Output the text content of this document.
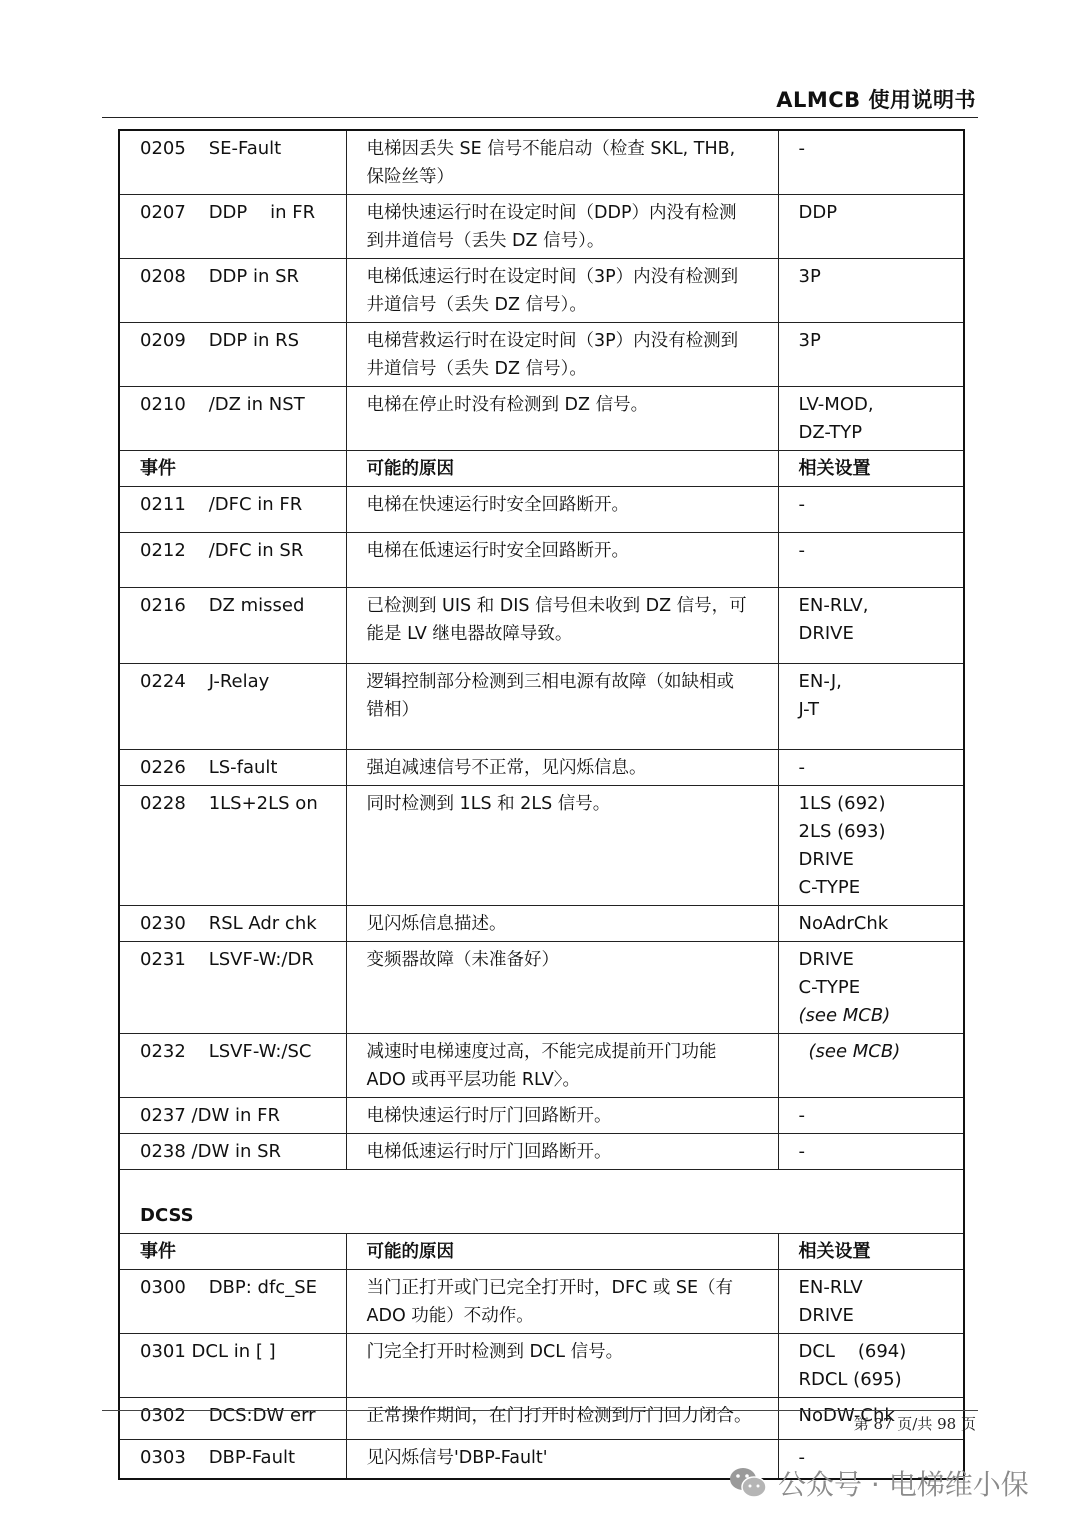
ALMCB 使用说明书
0205    SE-Fault	电梯因丢失 SE 信号不能启动（检查 SKL, THB,
保险丝等）	-

0207    DDP    in FR	电梯快速运行时在设定时间（DDP）内没有检测
到井道信号（丢失 DZ 信号）。	DDP

0208    DDP in SR	电梯低速运行时在设定时间（3P）内没有检测到
井道信号（丢失 DZ 信号）。	3P

0209    DDP in RS	电梯营救运行时在设定时间（3P）内没有检测到
井道信号（丢失 DZ 信号）。	3P

0210    /DZ in NST	电梯在停止时没有检测到 DZ 信号。	LV-MOD,
DZ-TYP

事件	可能的原因	相关设置

0211    /DFC in FR	电梯在快速运行时安全回路断开。	-

0212    /DFC in SR	电梯在低速运行时安全回路断开。	-

0216    DZ missed	已检测到 UIS 和 DIS 信号但未收到 DZ 信号，可
能是 LV 继电器故障导致。	EN-RLV,
DRIVE

0224    J-Relay	逻辑控制部分检测到三相电源有故障（如缺相或
错相）	EN-J,
J-T

0226    LS-fault	强迫减速信号不正常，见闪烁信息。	-

0228    1LS+2LS on	同时检测到 1LS 和 2LS 信号。	1LS (692)
2LS (693)
DRIVE
C-TYPE

0230    RSL Adr chk	见闪烁信息描述。	NoAdrChk

0231    LSVF-W:/DR	变频器故障（未准备好）	DRIVE
C-TYPE
(see MCB)

0232    LSVF-W:/SC	减速时电梯速度过高，不能完成提前开门功能
ADO 或再平层功能 RLV〉。	(see MCB)

0237 /DW in FR	电梯快速运行时厅门回路断开。	-

0238 /DW in SR	电梯低速运行时厅门回路断开。	-

DCSS		

事件	可能的原因	相关设置

0300    DBP: dfc_SE	当门正打开或门已完全打开时，DFC 或 SE（有
ADO 功能）不动作。	EN-RLV
DRIVE

0301 DCL in [ ]	门完全打开时检测到 DCL 信号。	DCL    (694)
RDCL (695)

0302    DCS:DW err	正常操作期间，在门打开时检测到厅门回力闭合。	NoDW-Chk

0303    DBP-Fault	见闪烁信号'DBP-Fault'	-
第 87 页/共 98 页
公众号 · 电梯维小保
